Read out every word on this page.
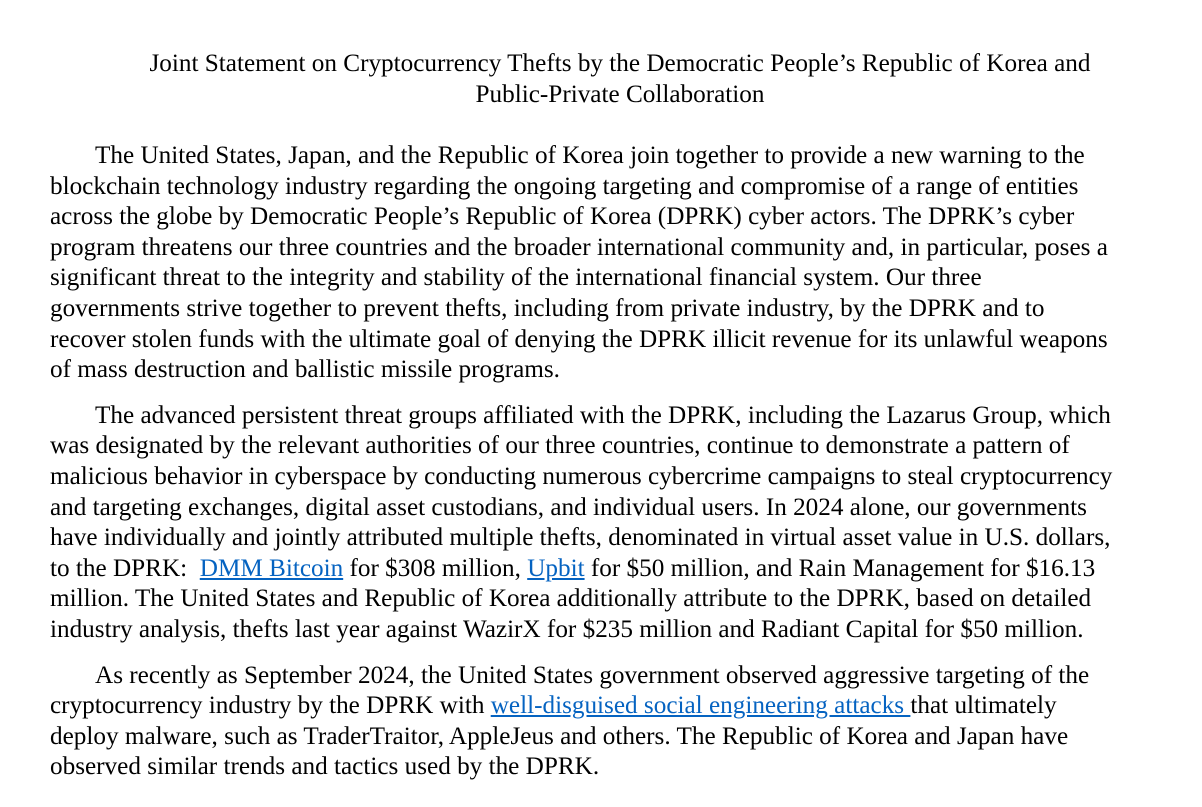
Joint Statement on Cryptocurrency Thefts by the Democratic People’s Republic of Korea and
Public-Private Collaboration

The United States, Japan, and the Republic of Korea join together to provide a new warning to the
blockchain technology industry regarding the ongoing targeting and compromise of a range of entities
across the globe by Democratic People’s Republic of Korea (DPRK) cyber actors. The DPRK’s cyber
program threatens our three countries and the broader international community and, in particular, poses a
significant threat to the integrity and stability of the international financial system. Our three
governments strive together to prevent thefts, including from private industry, by the DPRK and to
recover stolen funds with the ultimate goal of denying the DPRK illicit revenue for its unlawful weapons
of mass destruction and ballistic missile programs.

The advanced persistent threat groups affiliated with the DPRK, including the Lazarus Group, which
was designated by the relevant authorities of our three countries, continue to demonstrate a pattern of
malicious behavior in cyberspace by conducting numerous cybercrime campaigns to steal cryptocurrency
and targeting exchanges, digital asset custodians, and individual users. In 2024 alone, our governments
have individually and jointly attributed multiple thefts, denominated in virtual asset value in U.S. dollars,
to the DPRK:  DMM Bitcoin for $308 million, Upbit for $50 million, and Rain Management for $16.13
million. The United States and Republic of Korea additionally attribute to the DPRK, based on detailed
industry analysis, thefts last year against WazirX for $235 million and Radiant Capital for $50 million.

As recently as September 2024, the United States government observed aggressive targeting of the
cryptocurrency industry by the DPRK with well-disguised social engineering attacks that ultimately
deploy malware, such as TraderTraitor, AppleJeus and others. The Republic of Korea and Japan have
observed similar trends and tactics used by the DPRK.
